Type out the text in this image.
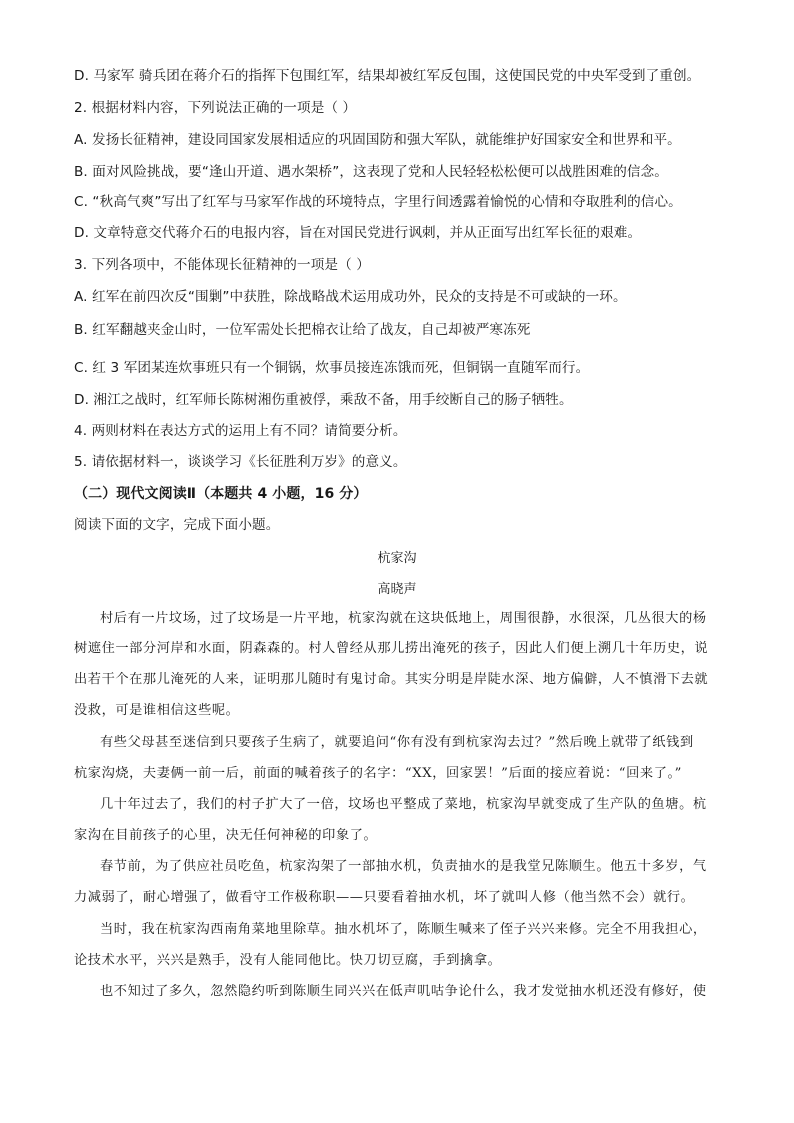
D. 马家军 骑兵团在蒋介石的指挥下包围红军，结果却被红军反包围，这使国民党的中央军受到了重创。
2. 根据材料内容，下列说法正确的一项是（ ）
A. 发扬长征精神，建设同国家发展相适应的巩固国防和强大军队，就能维护好国家安全和世界和平。
B. 面对风险挑战，要“逢山开道、遇水架桥”，这表现了党和人民轻轻松松便可以战胜困难的信念。
C. “秋高气爽”写出了红军与马家军作战的环境特点，字里行间透露着愉悦的心情和夺取胜利的信心。
D. 文章特意交代蒋介石的电报内容，旨在对国民党进行讽刺，并从正面写出红军长征的艰难。
3. 下列各项中，不能体现长征精神的一项是（ ）
A. 红军在前四次反“围剿”中获胜，除战略战术运用成功外，民众的支持是不可或缺的一环。
B. 红军翻越夹金山时，一位军需处长把棉衣让给了战友，自己却被严寒冻死
C. 红 3 军团某连炊事班只有一个铜锅，炊事员接连冻饿而死，但铜锅一直随军而行。
D. 湘江之战时，红军师长陈树湘伤重被俘，乘敌不备，用手绞断自己的肠子牺牲。
4. 两则材料在表达方式的运用上有不同？请简要分析。
5. 请依据材料一，谈谈学习《长征胜利万岁》的意义。
（二）现代文阅读Ⅱ（本题共 4 小题，16 分）
阅读下面的文字，完成下面小题。
杭家沟
高晓声
村后有一片坟场，过了坟场是一片平地，杭家沟就在这块低地上，周围很静，水很深，几丛很大的杨
树遮住一部分河岸和水面，阴森森的。村人曾经从那儿捞出淹死的孩子，因此人们便上溯几十年历史，说
出若干个在那儿淹死的人来，证明那儿随时有鬼讨命。其实分明是岸陡水深、地方偏僻，人不慎滑下去就
没救，可是谁相信这些呢。
有些父母甚至迷信到只要孩子生病了，就要追问“你有没有到杭家沟去过？”然后晚上就带了纸钱到
杭家沟烧，夫妻俩一前一后，前面的喊着孩子的名字：“XX，回家罢！”后面的接应着说：“回来了。”
几十年过去了，我们的村子扩大了一倍，坟场也平整成了菜地，杭家沟早就变成了生产队的鱼塘。杭
家沟在目前孩子的心里，决无任何神秘的印象了。
春节前，为了供应社员吃鱼，杭家沟架了一部抽水机，负责抽水的是我堂兄陈顺生。他五十多岁，气
力减弱了，耐心增强了，做看守工作极称职——只要看着抽水机，坏了就叫人修（他当然不会）就行。
当时，我在杭家沟西南角菜地里除草。抽水机坏了，陈顺生喊来了侄子兴兴来修。完全不用我担心，
论技术水平，兴兴是熟手，没有人能同他比。快刀切豆腐，手到擒拿。
也不知过了多久，忽然隐约听到陈顺生同兴兴在低声叽咕争论什么，我才发觉抽水机还没有修好，使
